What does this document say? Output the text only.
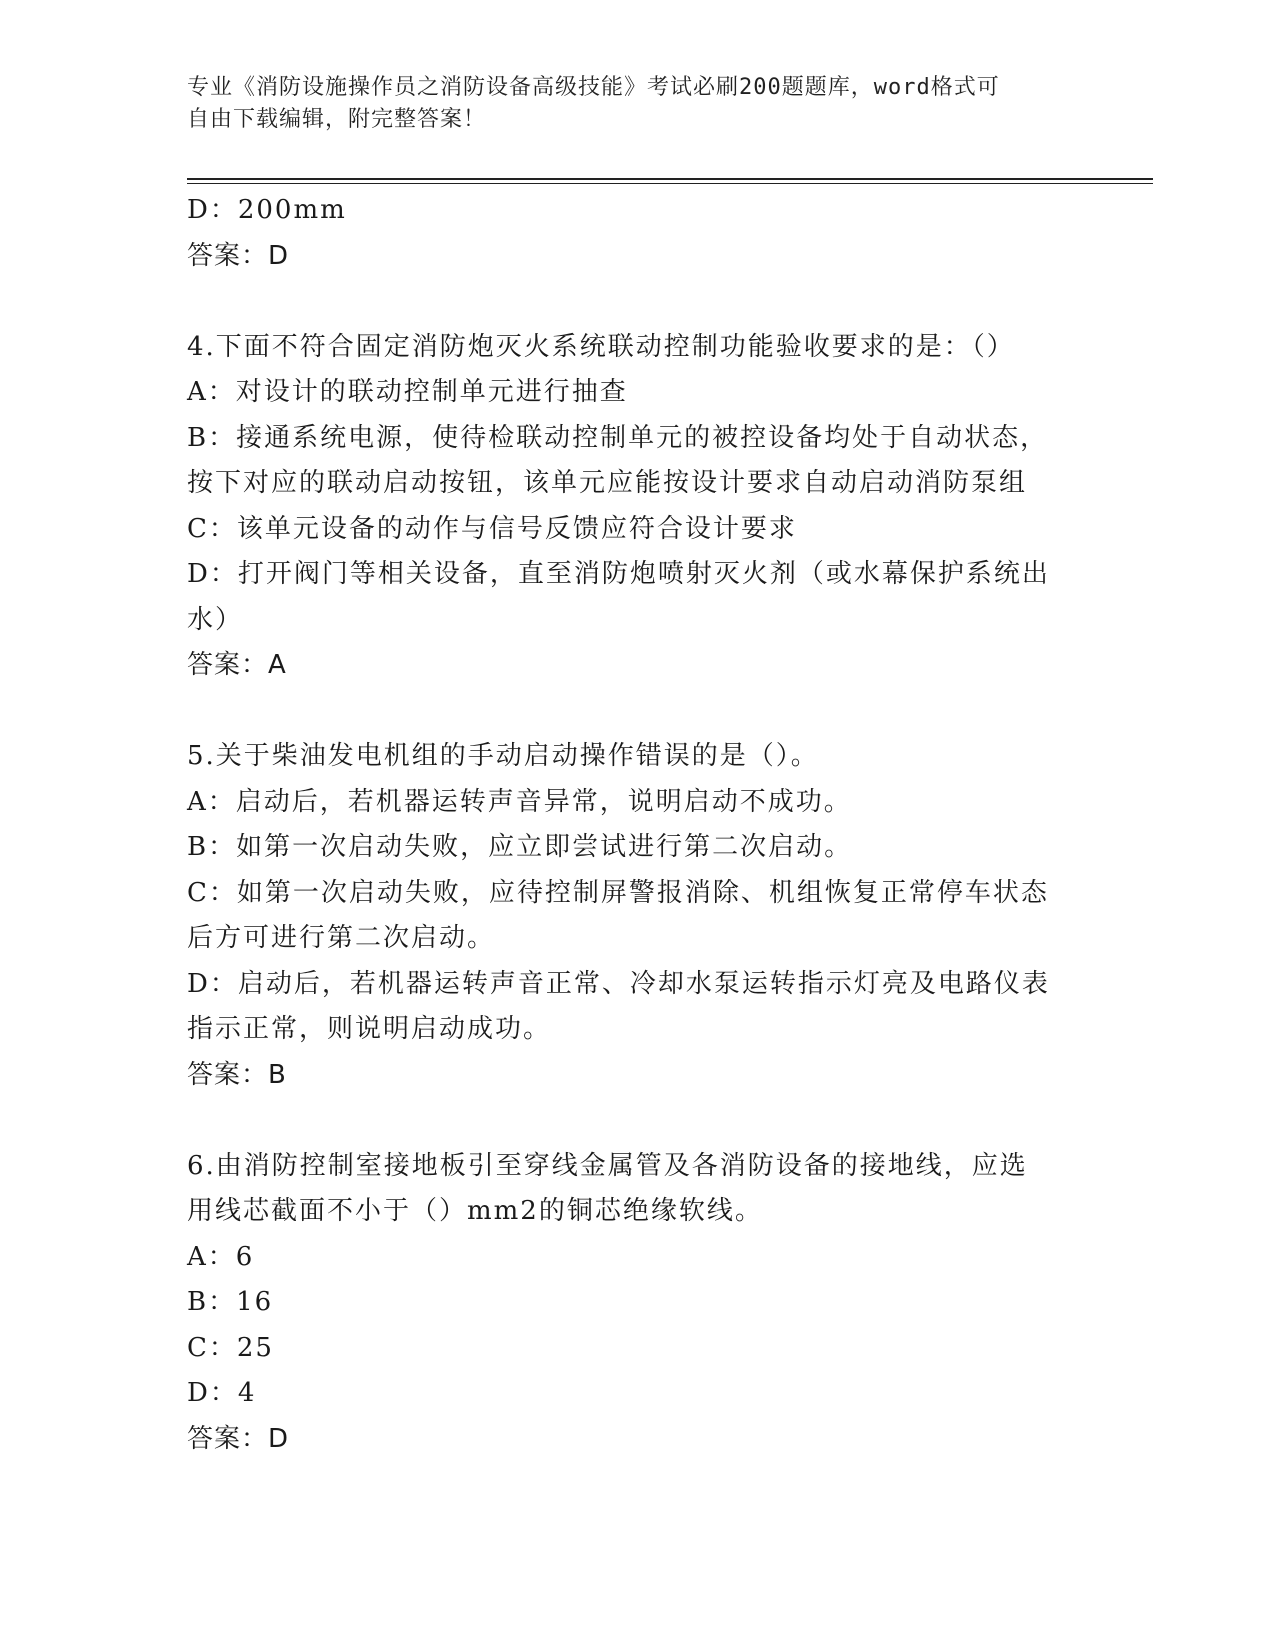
专业《消防设施操作员之消防设备高级技能》考试必刷200题题库，word格式可
自由下载编辑，附完整答案！

D：200mm

答案：D

4.下面不符合固定消防炮灭火系统联动控制功能验收要求的是：（）

A：对设计的联动控制单元进行抽查

B：接通系统电源，使待检联动控制单元的被控设备均处于自动状态，

按下对应的联动启动按钮，该单元应能按设计要求自动启动消防泵组

C：该单元设备的动作与信号反馈应符合设计要求

D：打开阀门等相关设备，直至消防炮喷射灭火剂（或水幕保护系统出

水）

答案：A

5.关于柴油发电机组的手动启动操作错误的是（）。

A：启动后，若机器运转声音异常，说明启动不成功。

B：如第一次启动失败，应立即尝试进行第二次启动。

C：如第一次启动失败，应待控制屏警报消除、机组恢复正常停车状态

后方可进行第二次启动。

D：启动后，若机器运转声音正常、冷却水泵运转指示灯亮及电路仪表

指示正常，则说明启动成功。

答案：B

6.由消防控制室接地板引至穿线金属管及各消防设备的接地线，应选

用线芯截面不小于（）mm2的铜芯绝缘软线。

A：6

B：16

C：25

D：4

答案：D
